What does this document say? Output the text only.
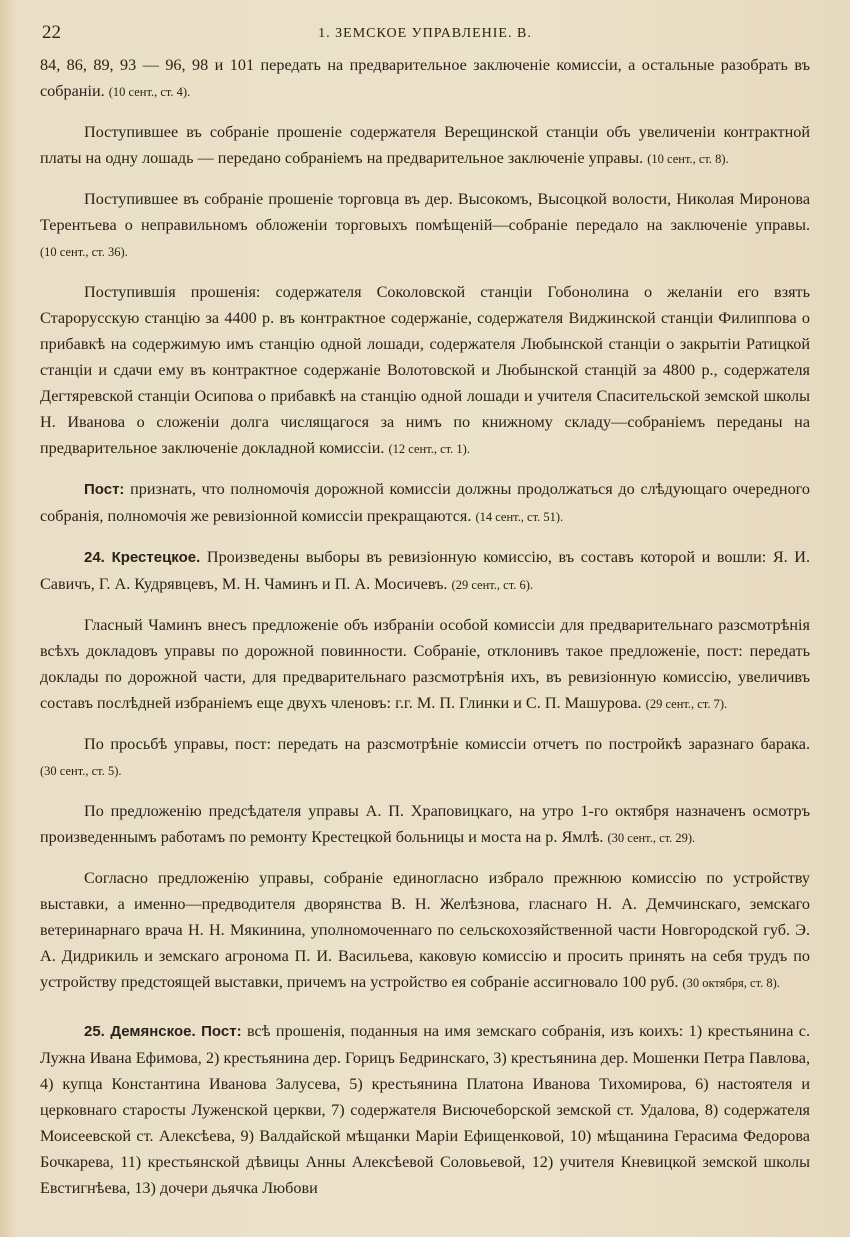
22	1. ЗЕМСКОЕ УПРАВЛЕНIЕ. В.

84, 86, 89, 93 — 96, 98 и 101 передать на предварительное заключенiе комиссiи, а остальные разобрать въ собранiи. (10 сент., ст. 4).

Поступившее въ собранiе прошенiе содержателя Верещинской станцiи объ увеличенiи контрактной платы на одну лошадь — передано собранiемъ на предварительное заключенiе управы. (10 сент., ст. 8).

Поступившее въ собранiе прошенiе торговца въ дер. Высокомъ, Высоцкой волости, Николая Миронова Терентьева о неправильномъ обложенiи торговыхъ помѣщенiй—собранiе передало на заключенiе управы. (10 сент., ст. 36).

Поступившiя прошенiя: содержателя Соколовской станцiи Гобонолина о желанiи его взять Старорусскую станцiю за 4400 р. въ контрактное содержанiе, содержателя Виджинской станцiи Филиппова о прибавкѣ на содержимую имъ станцiю одной лошади, содержателя Любынской станцiи о закрытiи Ратицкой станцiи и сдачи ему въ контрактное содержанiе Волотовской и Любынской станцiй за 4800 р., содержателя Дегтяревской станцiи Осипова о прибавкѣ на станцiю одной лошади и учителя Спасительской земской школы Н. Иванова о сложенiи долга числящагося за нимъ по книжному складу—собранiемъ переданы на предварительное заключенiе докладной комиссiи. (12 сент., ст. 1).

Пост: признать, что полномочiя дорожной комиссiи должны продолжаться до слѣдующаго очередного собранiя, полномочiя же ревизiонной комиссiи прекращаются. (14 сент., ст. 51).

24. Крестецкое. Произведены выборы въ ревизiонную комиссiю, въ составъ которой и вошли: Я. И. Савичъ, Г. А. Кудрявцевъ, М. Н. Чаминъ и П. А. Мосичевъ. (29 сент., ст. 6).

Гласный Чаминъ внесъ предложенiе объ избранiи особой комиссiи для предварительнаго разсмотрѣнiя всѣхъ докладовъ управы по дорожной повинности. Собранiе, отклонивъ такое предложенiе, пост: передать доклады по дорожной части, для предварительнаго разсмотрѣнiя ихъ, въ ревизiонную комиссiю, увеличивъ составъ послѣдней избранiемъ еще двухъ членовъ: г.г. М. П. Глинки и С. П. Машурова. (29 сент., ст. 7).

По просьбѣ управы, пост: передать на разсмотрѣнiе комиссiи отчетъ по постройкѣ заразнаго барака. (30 сент., ст. 5).

По предложенiю предсѣдателя управы А. П. Храповицкаго, на утро 1-го октября назначенъ осмотръ произведеннымъ работамъ по ремонту Крестецкой больницы и моста на р. Ямлѣ. (30 сент., ст. 29).

Согласно предложенiю управы, собранiе единогласно избрало прежнюю комиссiю по устройству выставки, а именно—предводителя дворянства В. Н. Желѣзнова, гласнаго Н. А. Демчинскаго, земскаго ветеринарнаго врача Н. Н. Мякинина, уполномоченнаго по сельскохозяйственной части Новгородской губ. Э. А. Дидрикиль и земскаго агронома П. И. Васильева, каковую комиссiю и просить принять на себя трудъ по устройству предстоящей выставки, причемъ на устройство ея собранiе ассигновало 100 руб. (30 октября, ст. 8).

25. Демянское. Пост: всѣ прошенiя, поданныя на имя земскаго собранiя, изъ коихъ: 1) крестьянина с. Лужна Ивана Ефимова, 2) крестьянина дер. Горицъ Бедринскаго, 3) крестьянина дер. Мошенки Петра Павлова, 4) купца Константина Иванова Залусева, 5) крестьянина Платона Иванова Тихомирова, 6) настоятеля и церковнаго старосты Луженской церкви, 7) содержателя Висючеборской земской ст. Удалова, 8) содержателя Моисеевской ст. Алексѣева, 9) Валдайской мѣщанки Марiи Ефищенковой, 10) мѣщанина Герасима Федорова Бочкарева, 11) крестьянской дѣвицы Анны Алексѣевой Соловьевой, 12) учителя Кневицкой земской школы Евстигнѣева, 13) дочери дьячка Любови
